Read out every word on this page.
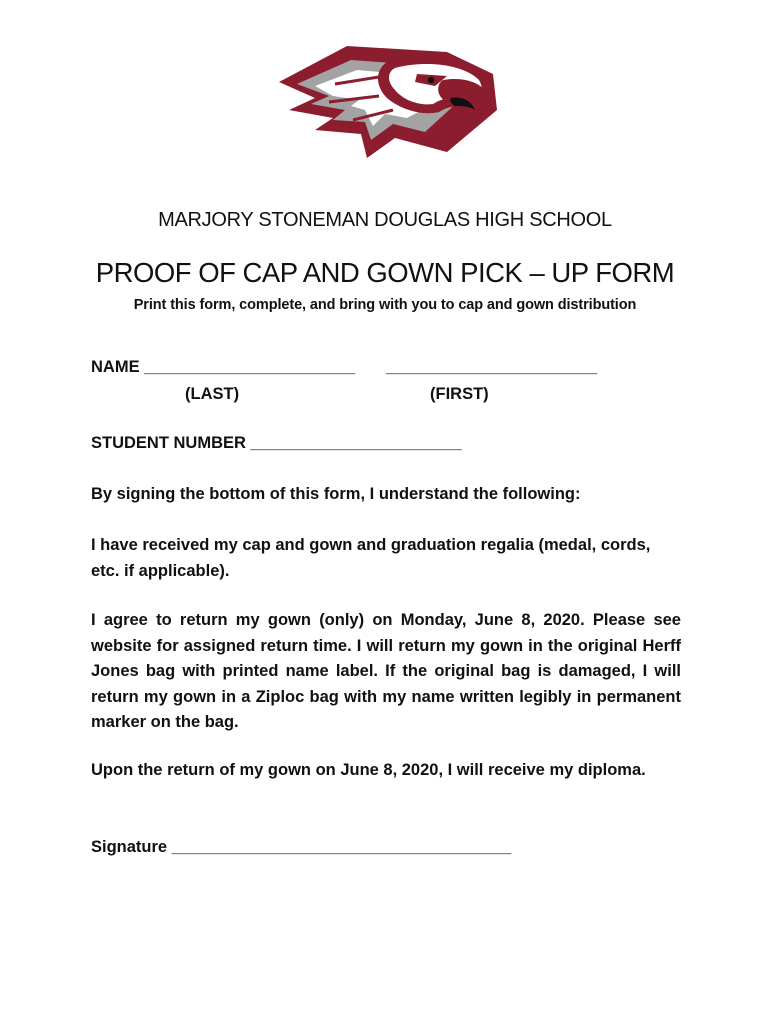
MARJORY STONEMAN DOUGLAS HIGH SCHOOL
PROOF OF CAP AND GOWN PICK – UP FORM
Print this form, complete, and bring with you to cap and gown distribution
NAME _______________________ _______________________
(LAST)	(FIRST)
STUDENT NUMBER _______________________
By signing the bottom of this form, I understand the following:
I have received my cap and gown and graduation regalia (medal, cords, etc. if applicable).
I agree to return my gown (only) on Monday, June 8, 2020. Please see website for assigned return time. I will return my gown in the original Herff Jones bag with printed name label. If the original bag is damaged, I will return my gown in a Ziploc bag with my name written legibly in permanent marker on the bag.
Upon the return of my gown on June 8, 2020, I will receive my diploma.
Signature _____________________________________
